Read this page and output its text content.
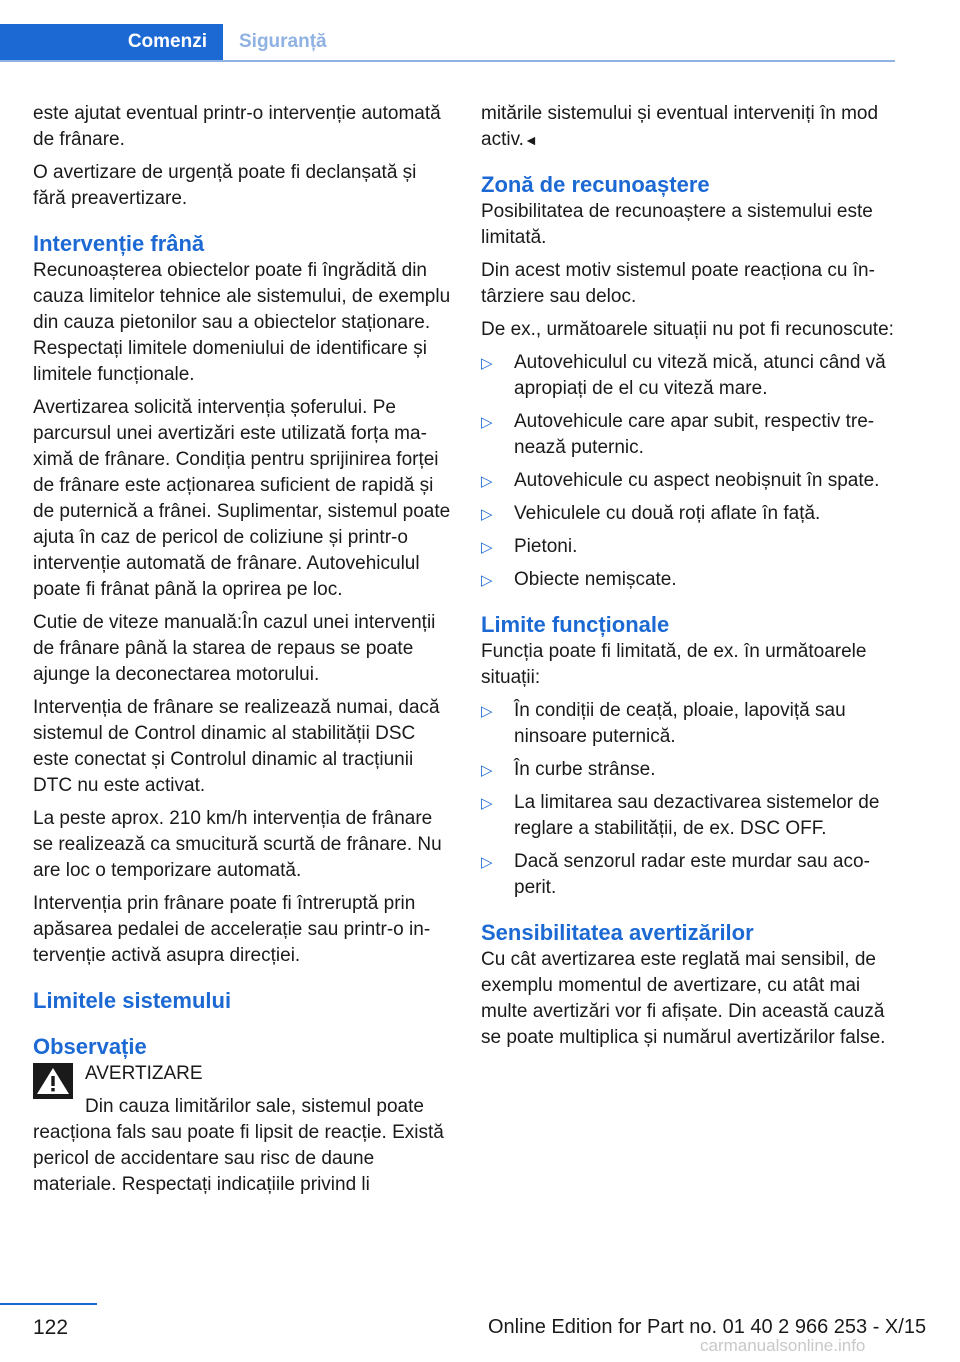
Comenzi	Siguranță

este ajutat eventual printr-o intervenție automată de frânare.

O avertizare de urgență poate fi declanșată și fără preavertizare.

Intervenție frână

Recunoașterea obiectelor poate fi îngrădită din cauza limitelor tehnice ale sistemului, de exemplu din cauza pietonilor sau a obiectelor staționare. Respectați limitele domeniului de identificare și limitele funcționale.

Avertizarea solicită intervenția șoferului. Pe parcursul unei avertizări este utilizată forța maximă de frânare. Condiția pentru sprijinirea forței de frânare este acționarea suficient de rapidă și de puternică a frânei. Suplimentar, sistemul poate ajuta în caz de pericol de coliziune și printr-o intervenție automată de frânare. Autovehiculul poate fi frânat până la oprirea pe loc.

Cutie de viteze manuală:În cazul unei intervenții de frânare până la starea de repaus se poate ajunge la deconectarea motorului.

Intervenția de frânare se realizează numai, dacă sistemul de Control dinamic al stabilității DSC este conectat și Controlul dinamic al tracțiunii DTC nu este activat.

La peste aprox. 210 km/h intervenția de frânare se realizează ca smucitură scurtă de frânare. Nu are loc o temporizare automată.

Intervenția prin frânare poate fi întreruptă prin apăsarea pedalei de accelerație sau printr-o intervenție activă asupra direcției.

Limitele sistemului
Observație

AVERTIZARE

Din cauza limitărilor sale, sistemul poate reacționa fals sau poate fi lipsit de reacție. Există pericol de accidentare sau risc de daune materiale. Respectați indicațiile privind li

mitările sistemului și eventual interveniți în mod activ.◄

Zonă de recunoaștere

Posibilitatea de recunoaștere a sistemului este limitată.

Din acest motiv sistemul poate reacționa cu întârziere sau deloc.

De ex., următoarele situații nu pot fi recunoscute:

▷ Autovehiculul cu viteză mică, atunci când vă apropiați de el cu viteză mare.
▷ Autovehicule care apar subit, respectiv trenează puternic.
▷ Autovehicule cu aspect neobișnuit în spate.
▷ Vehiculele cu două roți aflate în față.
▷ Pietoni.
▷ Obiecte nemișcate.
Limite funcționale

Funcția poate fi limitată, de ex. în următoarele situații:

▷ În condiții de ceață, ploaie, lapoviță sau ninsoare puternică.
▷ În curbe strânse.
▷ La limitarea sau dezactivarea sistemelor de reglare a stabilității, de ex. DSC OFF.
▷ Dacă senzorul radar este murdar sau acoperit.
Sensibilitatea avertizărilor

Cu cât avertizarea este reglată mai sensibil, de exemplu momentul de avertizare, cu atât mai multe avertizări vor fi afișate. Din această cauză se poate multiplica și numărul avertizărilor false.

122	Online Edition for Part no. 01 40 2 966 253 - X/15
carmanualsonline.info
